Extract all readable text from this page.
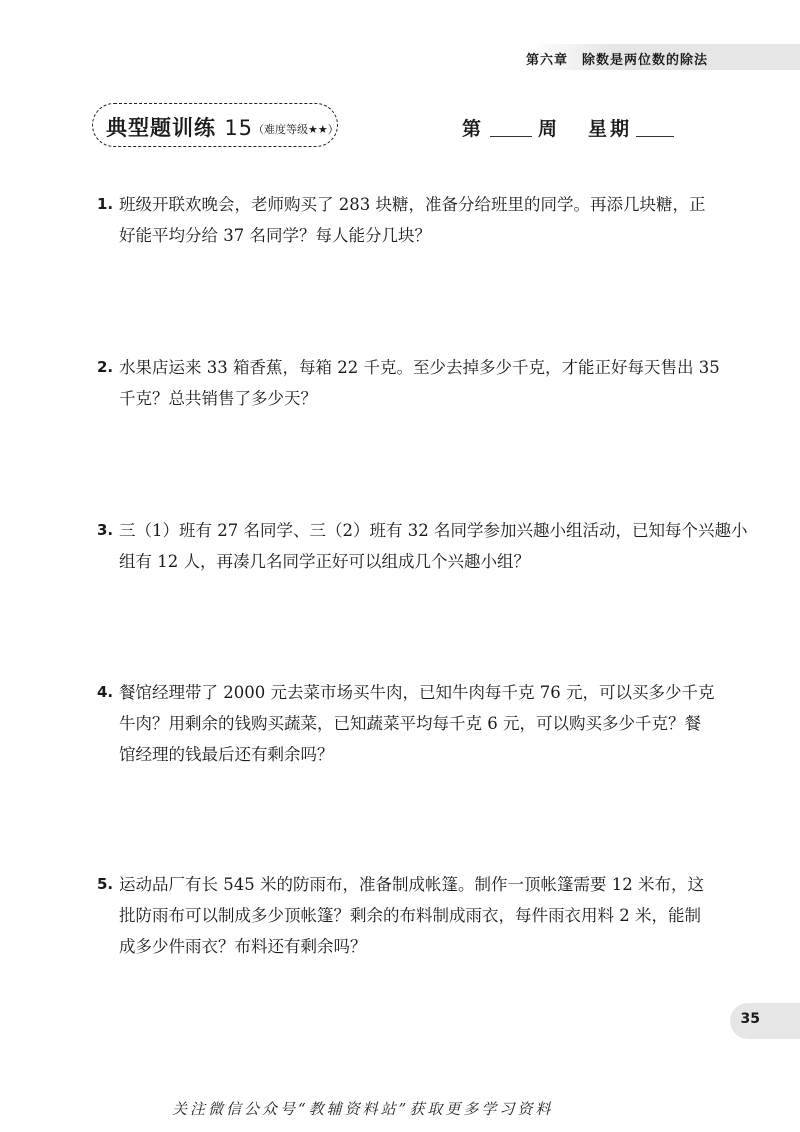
第六章 除数是两位数的除法
典型题训练 15（难度等级★★）	第	周 星期
1. 班级开联欢晚会，老师购买了 283 块糖，准备分给班里的同学。再添几块糖，正
好能平均分给 37 名同学？每人能分几块？
2. 水果店运来 33 箱香蕉，每箱 22 千克。至少去掉多少千克，才能正好每天售出 35
千克？总共销售了多少天？
3. 三（1）班有 27 名同学、三（2）班有 32 名同学参加兴趣小组活动，已知每个兴趣小
组有 12 人，再凑几名同学正好可以组成几个兴趣小组？
4. 餐馆经理带了 2000 元去菜市场买牛肉，已知牛肉每千克 76 元，可以买多少千克
牛肉？用剩余的钱购买蔬菜，已知蔬菜平均每千克 6 元，可以购买多少千克？餐
馆经理的钱最后还有剩余吗？
5. 运动品厂有长 545 米的防雨布，准备制成帐篷。制作一顶帐篷需要 12 米布，这
批防雨布可以制成多少顶帐篷？剩余的布料制成雨衣，每件雨衣用料 2 米，能制
成多少件雨衣？布料还有剩余吗？
35
关注微信公众号“教辅资料站”获取更多学习资料
